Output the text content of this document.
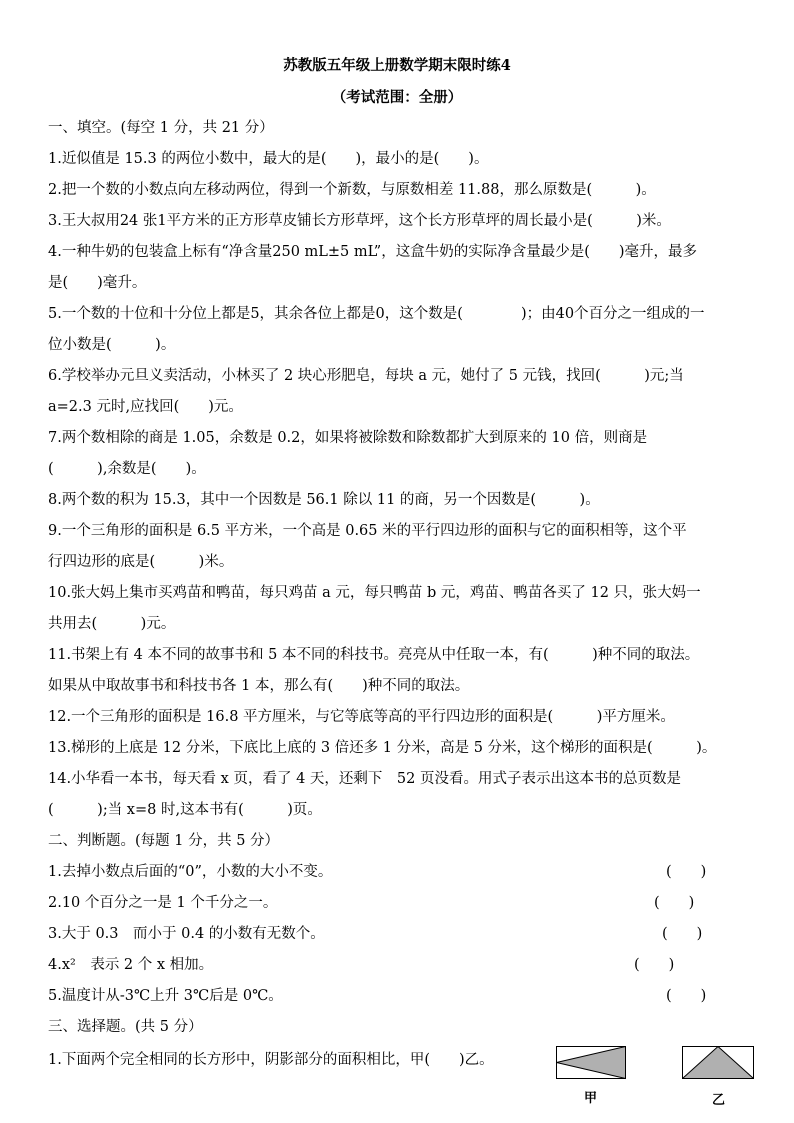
苏教版五年级上册数学期末限时练4
（考试范围：全册）
一、填空。(每空 1 分，共 21 分）
1.近似值是 15.3 的两位小数中，最大的是(　　)，最小的是(　　)。
2.把一个数的小数点向左移动两位，得到一个新数，与原数相差 11.88，那么原数是(　　　)。
3.王大叔用24 张1平方米的正方形草皮铺长方形草坪，这个长方形草坪的周长最小是(　　　)米。
4.一种牛奶的包装盒上标有“净含量250 mL±5 mL”，这盒牛奶的实际净含量最少是(　　)毫升，最多
是(　　)毫升。
5.一个数的十位和十分位上都是5，其余各位上都是0，这个数是(　　　　)；由40个百分之一组成的一
位小数是(　　　)。
6.学校举办元旦义卖活动，小林买了 2 块心形肥皂，每块 a 元，她付了 5 元钱，找回(　　　)元;当
a=2.3 元时,应找回(　　)元。
7.两个数相除的商是 1.05，余数是 0.2，如果将被除数和除数都扩大到原来的 10 倍，则商是
(　　　),余数是(　　)。
8.两个数的积为 15.3，其中一个因数是 56.1 除以 11 的商，另一个因数是(　　　)。
9.一个三角形的面积是 6.5 平方米，一个高是 0.65 米的平行四边形的面积与它的面积相等，这个平
行四边形的底是(　　　)米。
10.张大妈上集市买鸡苗和鸭苗，每只鸡苗 a 元，每只鸭苗 b 元，鸡苗、鸭苗各买了 12 只，张大妈一
共用去(　　　)元。
11.书架上有 4 本不同的故事书和 5 本不同的科技书。亮亮从中任取一本，有(　　　)种不同的取法。
如果从中取故事书和科技书各 1 本，那么有(　　)种不同的取法。
12.一个三角形的面积是 16.8 平方厘米，与它等底等高的平行四边形的面积是(　　　)平方厘米。
13.梯形的上底是 12 分米，下底比上底的 3 倍还多 1 分米，高是 5 分米，这个梯形的面积是(　　　)。
14.小华看一本书，每天看 x 页，看了 4 天，还剩下　52 页没看。用式子表示出这本书的总页数是
(　　　);当 x=8 时,这本书有(　　　)页。
二、判断题。(每题 1 分，共 5 分）
1.去掉小数点后面的“0”，小数的大小不变。	(　　)
2.10 个百分之一是 1 个千分之一。	(　　)
3.大于 0.3　而小于 0.4 的小数有无数个。	(　　)
4.x²　表示 2 个 x 相加。	(　　)
5.温度计从-3℃上升 3℃后是 0℃。	(　　)
三、选择题。(共 5 分）
1.下面两个完全相同的长方形中，阴影部分的面积相比，甲(　　)乙。
甲	乙
